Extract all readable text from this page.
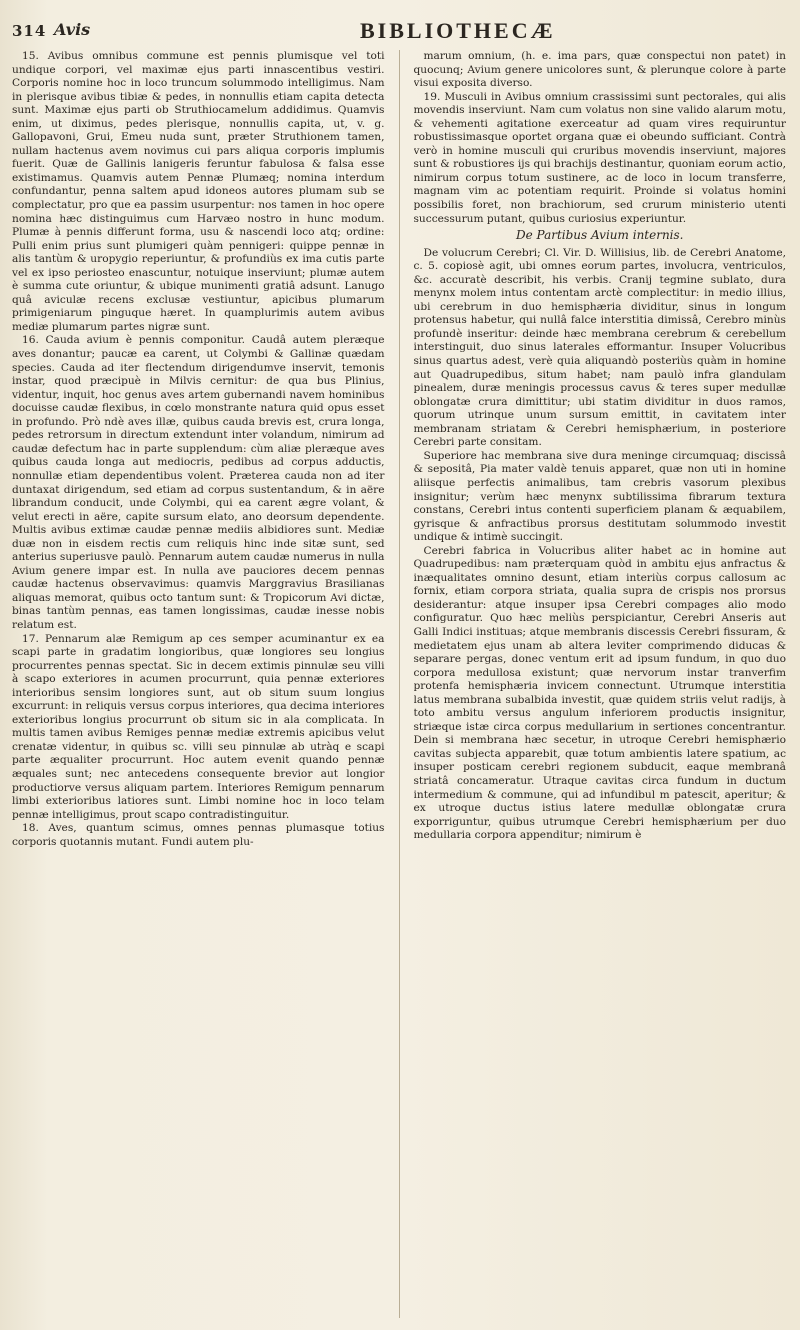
314 Avis	BIBLIOTHECÆ

15. Avibus omnibus commune est pennis plumisque vel toti undique corpori, vel maximæ ejus parti innascentibus vestiri. Corporis nomine hoc in loco truncum solummodo intelligimus. Nam in plerisque avibus tibiæ & pedes, in nonnullis etiam capita detecta sunt. Maximæ ejus parti ob Struthiocamelum addidimus. Quamvis enim, ut diximus, pedes plerisque, nonnullis capita, ut, v. g. Gallopavoni, Grui, Emeu nuda sunt, præter Struthionem tamen, nullam hactenus avem novimus cui pars aliqua corporis implumis fuerit. Quæ de Gallinis lanigeris feruntur fabulosa & falsa esse existimamus. Quamvis autem Pennæ Plumæq; nomina interdum confundantur, penna saltem apud idoneos autores plumam sub se complectatur, pro que ea passim usurpentur: nos tamen in hoc opere nomina hæc distinguimus cum Harvæo nostro in hunc modum. Plumæ à pennis differunt forma, usu & nascendi loco atq; ordine: Pulli enim prius sunt plumigeri quàm pennigeri: quippe pennæ in alis tantùm & uropygio reperiuntur, & profundiùs ex ima cutis parte vel ex ipso periosteo enascuntur, notuique inserviunt; plumæ autem è summa cute oriuntur, & ubique munimenti gratiâ adsunt. Lanugo quâ aviculæ recens exclusæ vestiuntur, apicibus plumarum primigeniarum pinguque hæret. In quamplurimis autem avibus mediæ plumarum partes nigræ sunt.

16. Cauda avium è pennis componitur. Caudâ autem pleræque aves donantur; paucæ ea carent, ut Colymbi & Gallinæ quædam species. Cauda ad iter flectendum dirigendumve inservit, temonis instar, quod præcipuè in Milvis cernitur: de qua bus Plinius, videntur, inquit, hoc genus aves artem gubernandi navem hominibus docuisse caudæ flexibus, in cœlo monstrante natura quid opus esset in profundo. Prò ndè aves illæ, quibus cauda brevis est, crura longa, pedes retrorsum in directum extendunt inter volandum, nimirum ad caudæ defectum hac in parte supplendum: cùm aliæ pleræque aves quibus cauda longa aut mediocris, pedibus ad corpus adductis, nonnullæ etiam dependentibus volent. Præterea cauda non ad iter duntaxat dirigendum, sed etiam ad corpus sustentandum, & in aëre librandum conducit, unde Colymbi, qui ea carent ægre volant, & velut erecti in aëre, capite sursum elato, ano deorsum dependente. Multis avibus extimæ caudæ pennæ mediis albidiores sunt. Mediæ duæ non in eisdem rectis cum reliquis hinc inde sitæ sunt, sed anterius superiusve paulò. Pennarum autem caudæ numerus in nulla Avium genere impar est. In nulla ave pauciores decem pennas caudæ hactenus observavimus: quamvis Marggravius Brasilianas aliquas memorat, quibus octo tantum sunt: & Tropicorum Avi dictæ, binas tantùm pennas, eas tamen longissimas, caudæ inesse nobis relatum est.

17. Pennarum alæ Remigum ap ces semper acuminantur ex ea scapi parte in gradatim longioribus, quæ longiores seu longius procurrentes pennas spectat. Sic in decem extimis pinnulæ seu villi à scapo exteriores in acumen procurrunt, quia pennæ exteriores interioribus sensim longiores sunt, aut ob situm suum longius excurrunt: in reliquis versus corpus interiores, qua decima interiores exterioribus longius procurrunt ob situm sic in ala complicata. In multis tamen avibus Remiges pennæ mediæ extremis apicibus velut crenatæ videntur, in quibus sc. villi seu pinnulæ ab utràq e scapi parte æqualiter procurrunt. Hoc autem evenit quando pennæ æquales sunt; nec antecedens consequente brevior aut longior productiorve versus aliquam partem. Interiores Remigum pennarum limbi exterioribus latiores sunt. Limbi nomine hoc in loco telam pennæ intelligimus, prout scapo contradistinguitur.

18. Aves, quantum scimus, omnes pennas plumasque totius corporis quotannis mutant. Fundi autem plu-

marum omnium, (h. e. ima pars, quæ conspectui non patet) in quocunq; Avium genere unicolores sunt, & plerunque colore à parte visui exposita diverso.

19. Musculi in Avibus omnium crassissimi sunt pectorales, qui alis movendis inserviunt. Nam cum volatus non sine valido alarum motu, & vehementi agitatione exerceatur ad quam vires requiruntur robustissimasque oportet organa quæ ei obeundo sufficiant. Contrà verò in homine musculi qui cruribus movendis inserviunt, majores sunt & robustiores ijs qui brachijs destinantur, quoniam eorum actio, nimirum corpus totum sustinere, ac de loco in locum transferre, magnam vim ac potentiam requirit. Proinde si volatus homini possibilis foret, non brachiorum, sed crurum ministerio utenti successurum putant, quibus curiosius experiuntur.

De Partibus Avium internis.

De volucrum Cerebri; Cl. Vir. D. Willisius, lib. de Cerebri Anatome, c. 5. copiosè agit, ubi omnes eorum partes, involucra, ventriculos, &c. accuratè describit, his verbis. Cranij tegmine sublato, dura menynx molem intus contentam arctè complectitur: in medio illius, ubi cerebrum in duo hemisphæria dividitur, sinus in longum protensus habetur, qui nullâ falce interstitia dimissâ, Cerebro minùs profundè inseritur: deinde hæc membrana cerebrum & cerebellum interstinguit, duo sinus laterales efformantur. Insuper Volucribus sinus quartus adest, verè quia aliquandò posteriùs quàm in homine aut Quadrupedibus, situm habet; nam paulò infra glandulam pinealem, duræ meningis processus cavus & teres super medullæ oblongatæ crura dimittitur; ubi statim dividitur in duos ramos, quorum utrinque unum sursum emittit, in cavitatem inter membranam striatam & Cerebri hemisphærium, in posteriore Cerebri parte consitam.

Superiore hac membrana sive dura meninge circumquaq; discissâ & sepositâ, Pia mater valdè tenuis apparet, quæ non uti in homine aliisque perfectis animalibus, tam crebris vasorum plexibus insignitur; verùm hæc menynx subtilissima fibrarum textura constans, Cerebri intus contenti superficiem planam & æquabilem, gyrisque & anfractibus prorsus destitutam solummodo investit undique & intimè succingit.

Cerebri fabrica in Volucribus aliter habet ac in homine aut Quadrupedibus: nam præterquam quòd in ambitu ejus anfractus & inæqualitates omnino desunt, etiam interiùs corpus callosum ac fornix, etiam corpora striata, qualia supra de crispis nos prorsus desiderantur: atque insuper ipsa Cerebri compages alio modo configuratur. Quo hæc meliùs perspiciantur, Cerebri Anseris aut Galli Indici instituas; atque membranis discessis Cerebri fissuram, & medietatem ejus unam ab altera leviter comprimendo diducas & separare pergas, donec ventum erit ad ipsum fundum, in quo duo corpora medullosa existunt; quæ nervorum instar tranverfim protenfa hemisphæria invicem connectunt. Utrumque interstitia latus membrana subalbida investit, quæ quidem striis velut radijs, à toto ambitu versus angulum inferiorem productis insignitur, striæque istæ circa corpus medullarium in sertiones concentrantur. Dein si membrana hæc secetur, in utroque Cerebri hemisphærio cavitas subjecta apparebit, quæ totum ambientis latere spatium, ac insuper posticam cerebri regionem subducit, eaque membranâ striatâ concameratur. Utraque cavitas circa fundum in ductum intermedium & commune, qui ad infundibul m patescit, aperitur; & ex utroque ductus istius latere medullæ oblongatæ crura exporriguntur, quibus utrumque Cerebri hemisphærium per duo medullaria corpora appenditur; nimirum è
